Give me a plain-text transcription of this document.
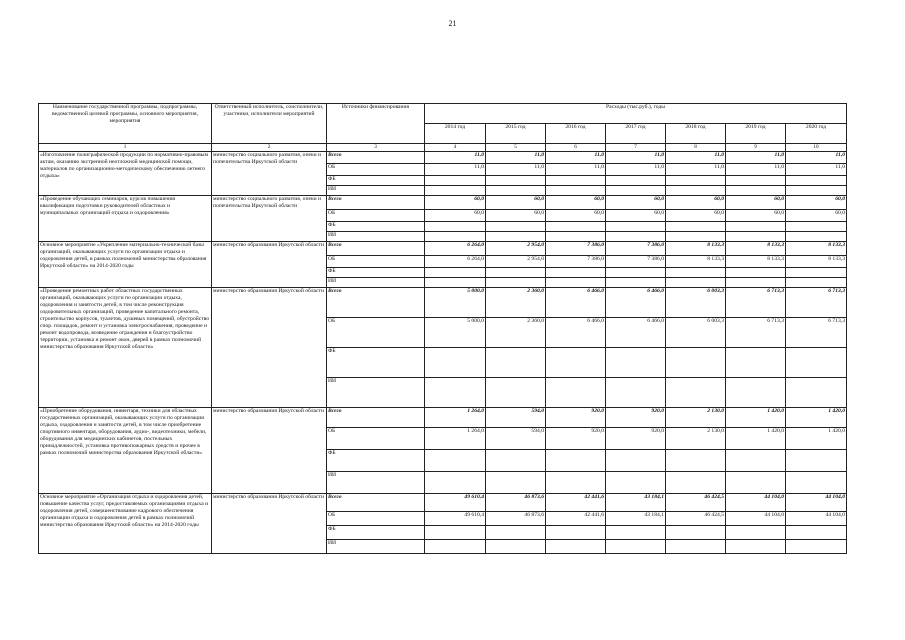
21
Наименование государственной программы, подпрограммы, ведомственной целевой программы, основного мероприятия, мероприятия	Ответственный исполнитель, соисполнители, участники, исполнители мероприятий	Источники финансирования	Расходы (тыс.руб.), годы						
			2014 год	2015 год	2016 год	2017 год	2018 год	2019 год	2020 год
1	2	3	4	5	6	7	8	9	10
«Изготовление полиграфической продукции по нормативно-правовым актам, оказанию экстренной неотложной медицинской помощи, материалов по организационно-методическому обеспечению летнего отдыха»	министерство социального развития, опеки и попечительства Иркутской области	Всего	11,0	11,0	11,0	11,0	11,0	11,0	11,0
		ОБ	11,0	11,0	11,0	11,0	11,0	11,0	11,0
		ФБ							
		ИИ							
«Проведение обучающих семинаров, курсов повышения квалификации подготовки руководителей областных и муниципальных организаций отдыха и оздоровления»	министерство социального развития, опеки и попечительства Иркутской области	Всего	60,0	60,0	60,0	60,0	60,0	60,0	60,0
		ОБ	60,0	60,0	60,0	60,0	60,0	60,0	60,0
		ФБ							
		ИИ							
Основное мероприятие «Укрепление материально-технической базы организаций, оказывающих услуги по организации отдыха и оздоровления детей, в рамках полномочий министерства образования Иркутской области» на 2014-2020 годы	министерство образования Иркутской области	Всего	6 264,0	2 954,0	7 386,0	7 386,0	8 133,3	8 133,3	8 133,3
		ОБ	6 264,0	2 954,0	7 386,0	7 386,0	8 133,3	8 133,3	8 133,3
		ФБ							
		ИИ							
«Проведение ремонтных работ областных государственных организаций, оказывающих услуги по организации отдыха, оздоровления и занятости детей, в том числе реконструкция оздоровительных организаций, проведение капитального ремонта, строительство корпусов, туалетов, душевых помещений, обустройство спор. площадок, ремонт и установка электроснабжения, проведение и ремонт водопровода, возведение ограждения и благоустройство территории, установка и ремонт окон, дверей в рамках полномочий министерства образования Иркутской области»	министерство образования Иркутской области	Всего	5 000,0	2 360,0	6 466,0	6 466,0	6 003,3	6 713,3	6 713,3
		ОБ	5 000,0	2 360,0	6 466,0	6 466,0	6 003,3	6 713,3	6 713,3
		ФБ							
		ИИ							
«Приобретение оборудования, инвентаря, техники для областных государственных организаций, оказывающих услуги по организации отдыха, оздоровления и занятости детей, в том числе приобретение спортивного инвентаря, оборудования, аудио-, видеотехники, мебели, оборудования для медицинских кабинетов, постельных принадлежностей, установка противопожарных средств и прочее в рамках полномочий министерства образования Иркутской области»	министерство образования Иркутской области	Всего	1 264,0	594,0	920,0	920,0	2 130,0	1 420,0	1 420,0
		ОБ	1 264,0	594,0	920,0	920,0	2 130,0	1 420,0	1 420,0
		ФБ							
		ИИ							
Основное мероприятие «Организация отдыха и оздоровления детей, повышение качества услуг, предоставляемых организациями отдыха и оздоровления детей, совершенствование кадрового обеспечения организации отдыха и оздоровления детей в рамках полномочий министерства образования Иркутской области» на 2014-2020 годы	министерство образования Иркутской области	Всего	49 610,4	46 873,6	42 441,6	43 184,1	46 424,5	44 104,0	44 104,0
		ОБ	49 610,4	46 873,6	42 441,6	43 184,1	46 424,5	44 104,0	44 104,0
		ФБ							
		ИИ							
